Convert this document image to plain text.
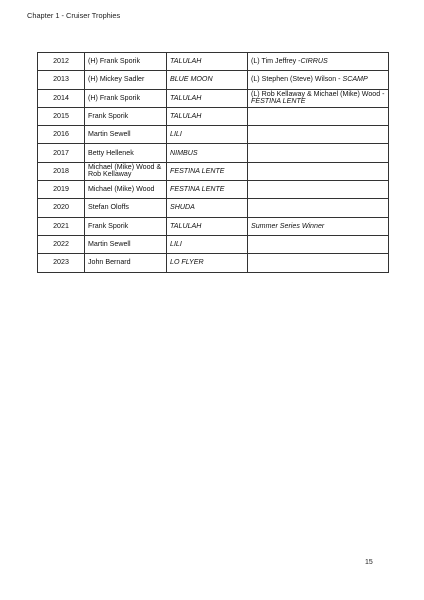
Chapter 1 - Cruiser Trophies
2012	(H) Frank Sporik	TALULAH	(L) Tim Jeffrey -CIRRUS
2013	(H) Mickey Sadler	BLUE MOON	(L) Stephen (Steve) Wilson - SCAMP
2014	(H) Frank Sporik	TALULAH	(L) Rob Kellaway & Michael (Mike) Wood - FESTINA LENTE
2015	Frank Sporik	TALULAH	
2016	Martin Sewell	LILI	
2017	Betty Hellenek	NIMBUS	
2018	Michael (Mike) Wood & Rob Kellaway	FESTINA LENTE	
2019	Michael (Mike) Wood	FESTINA LENTE	
2020	Stefan Oloffs	SHUDA	
2021	Frank Sporik	TALULAH	Summer Series Winner
2022	Martin Sewell	LILI	
2023	John Bernard	LO FLYER	
15
